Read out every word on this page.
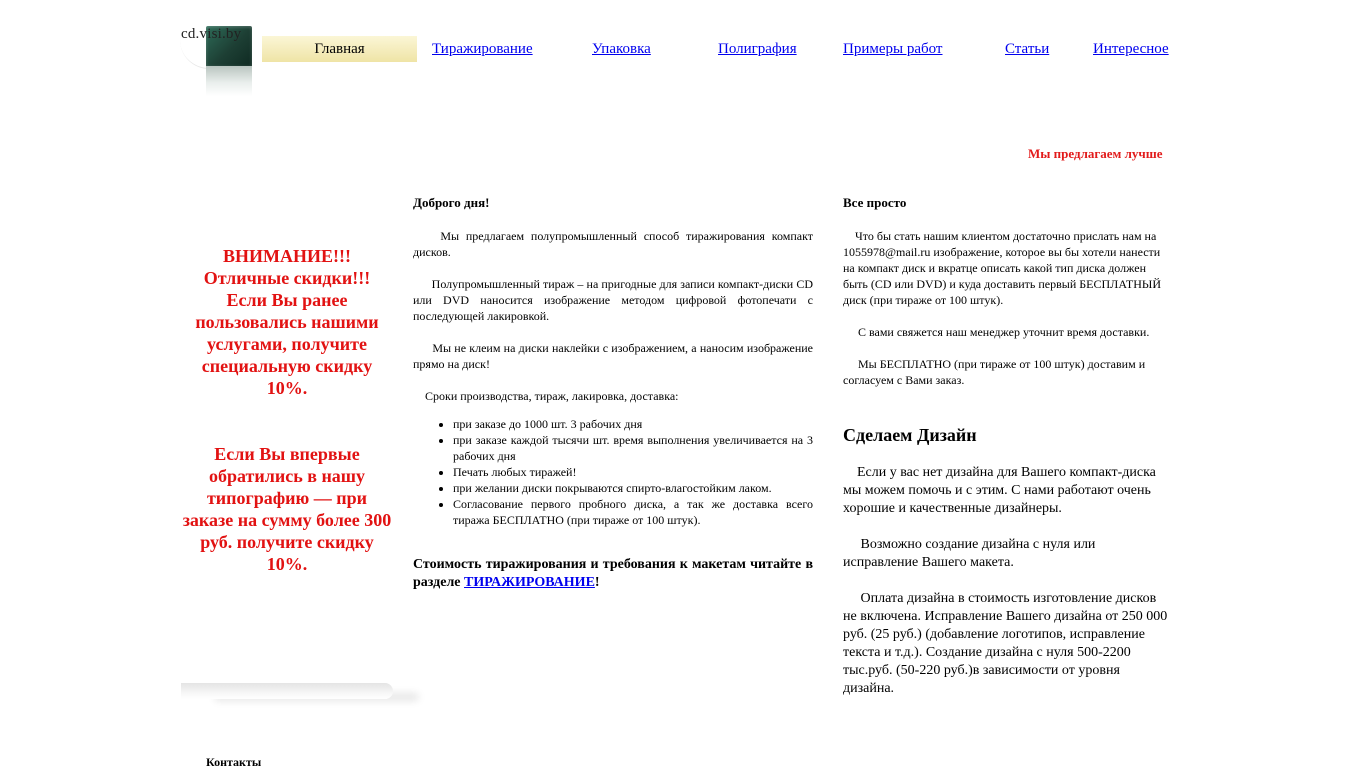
cd.visi.by
Главная	Тиражирование	Упаковка	Полиграфия	Примеры работ	Статьи	Интересное
Мы предлагаем лучше
ВНИМАНИЕ!!! Отличные скидки!!! Если Вы ранее пользовались нашими услугами, получите специальную скидку 10%.
Если Вы впервые обратились в нашу типографию — при заказе на сумму более 300 руб. получите скидку 10%.
Контакты
Доброго дня!

Мы предлагаем полупромышленный способ тиражирования компакт дисков.

Полупромышленный тираж – на пригодные для записи компакт-диски CD или DVD наносится изображение методом цифровой фотопечати с последующей лакировкой.

Мы не клеим на диски наклейки с изображением, а наносим изображение прямо на диск!

Сроки производства, тираж, лакировка, доставка:

• при заказе до 1000 шт. 3 рабочих дня
• при заказе каждой тысячи шт. время выполнения увеличивается на 3 рабочих дня
• Печать любых тиражей!
• при желании диски покрываются спирто-влагостойким лаком.
• Согласование первого пробного диска, а так же доставка всего тиража БЕСПЛАТНО (при тираже от 100 штук).
Стоимость тиражирования и требования к макетам читайте в разделе ТИРАЖИРОВАНИЕ!
Все просто

Что бы стать нашим клиентом достаточно прислать нам на 1055978@mail.ru изображение, которое вы бы хотели нанести на компакт диск и вкратце описать какой тип диска должен быть (CD или DVD) и куда доставить первый БЕСПЛАТНЫЙ диск (при тираже от 100 штук).

С вами свяжется наш менеджер уточнит время доставки.

Мы БЕСПЛАТНО (при тираже от 100 штук) доставим и согласуем с Вами заказ.

Сделаем Дизайн

Если у вас нет дизайна для Вашего компакт-диска мы можем помочь и с этим. С нами работают очень хорошие и качественные дизайнеры.

Возможно создание дизайна с нуля или исправление Вашего макета.

Оплата дизайна в стоимость изготовление дисков не включена. Исправление Вашего дизайна от 250 000 руб. (25 руб.) (добавление логотипов, исправление текста и т.д.). Создание дизайна с нуля 500-2200 тыс.руб. (50-220 руб.)в зависимости от уровня дизайна.
